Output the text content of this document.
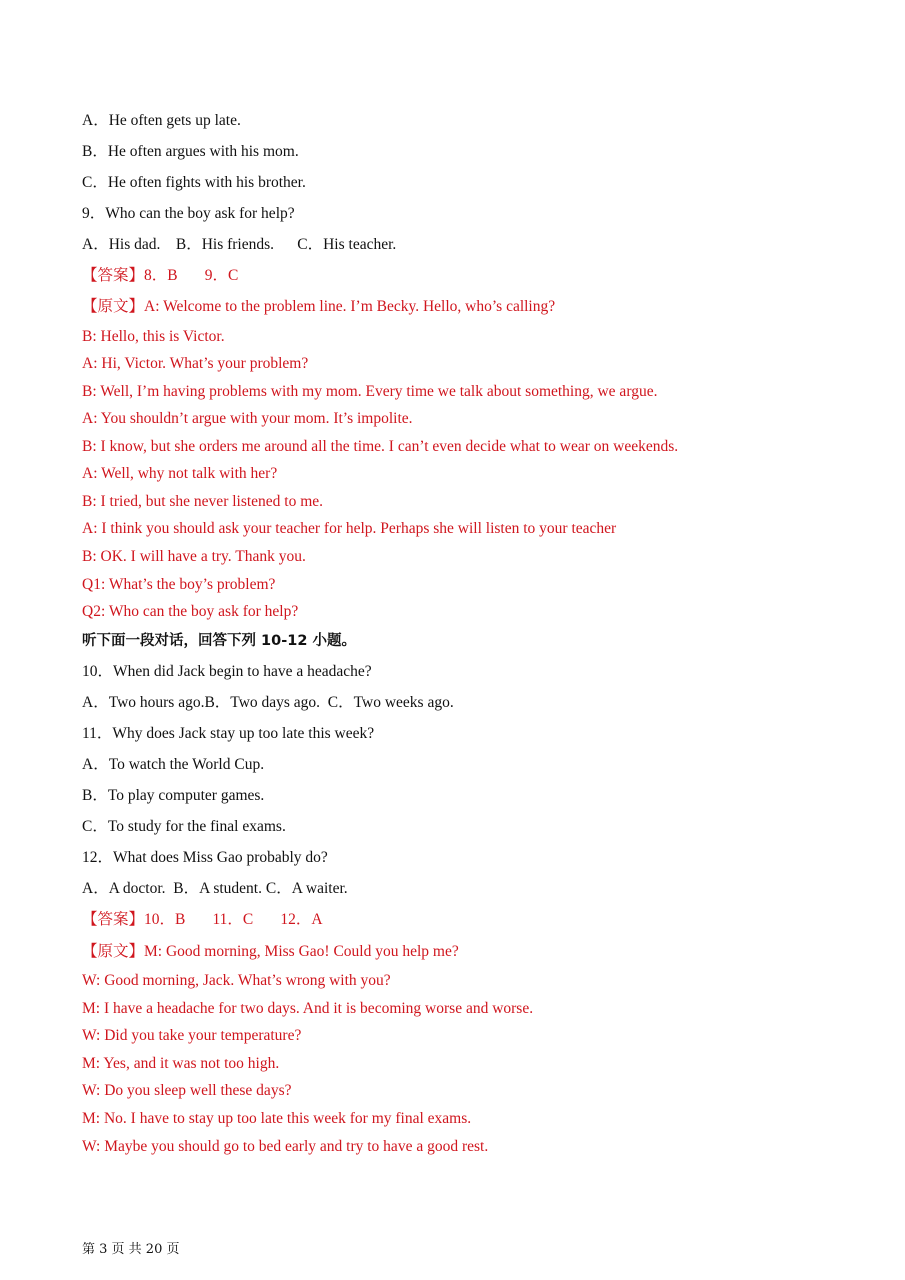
A．He often gets up late.

B．He often argues with his mom.

C．He often fights with his brother.

9．Who can the boy ask for help?

A．His dad.    B．His friends.      C．His teacher.

【答案】8．B       9．C

【原文】A: Welcome to the problem line. I’m Becky. Hello, who’s calling?

B: Hello, this is Victor.

A: Hi, Victor. What’s your problem?

B: Well, I’m having problems with my mom. Every time we talk about something, we argue.

A: You shouldn’t argue with your mom. It’s impolite.

B: I know, but she orders me around all the time. I can’t even decide what to wear on weekends.

A: Well, why not talk with her?

B: I tried, but she never listened to me.

A: I think you should ask your teacher for help. Perhaps she will listen to your teacher

B: OK. I will have a try. Thank you.

Q1: What’s the boy’s problem?

Q2: Who can the boy ask for help?

听下面一段对话，回答下列 10-12 小题。

10．When did Jack begin to have a headache?

A．Two hours ago.B．Two days ago.  C．Two weeks ago.

11．Why does Jack stay up too late this week?

A．To watch the World Cup.

B．To play computer games.

C．To study for the final exams.

12．What does Miss Gao probably do?

A．A doctor.  B．A student. C．A waiter.

【答案】10．B       11．C       12．A

【原文】M: Good morning, Miss Gao! Could you help me?

W: Good morning, Jack. What’s wrong with you?

M: I have a headache for two days. And it is becoming worse and worse.

W: Did you take your temperature?

M: Yes, and it was not too high.

W: Do you sleep well these days?

M: No. I have to stay up too late this week for my final exams.

W: Maybe you should go to bed early and try to have a good rest.

第 3 页 共 20 页
